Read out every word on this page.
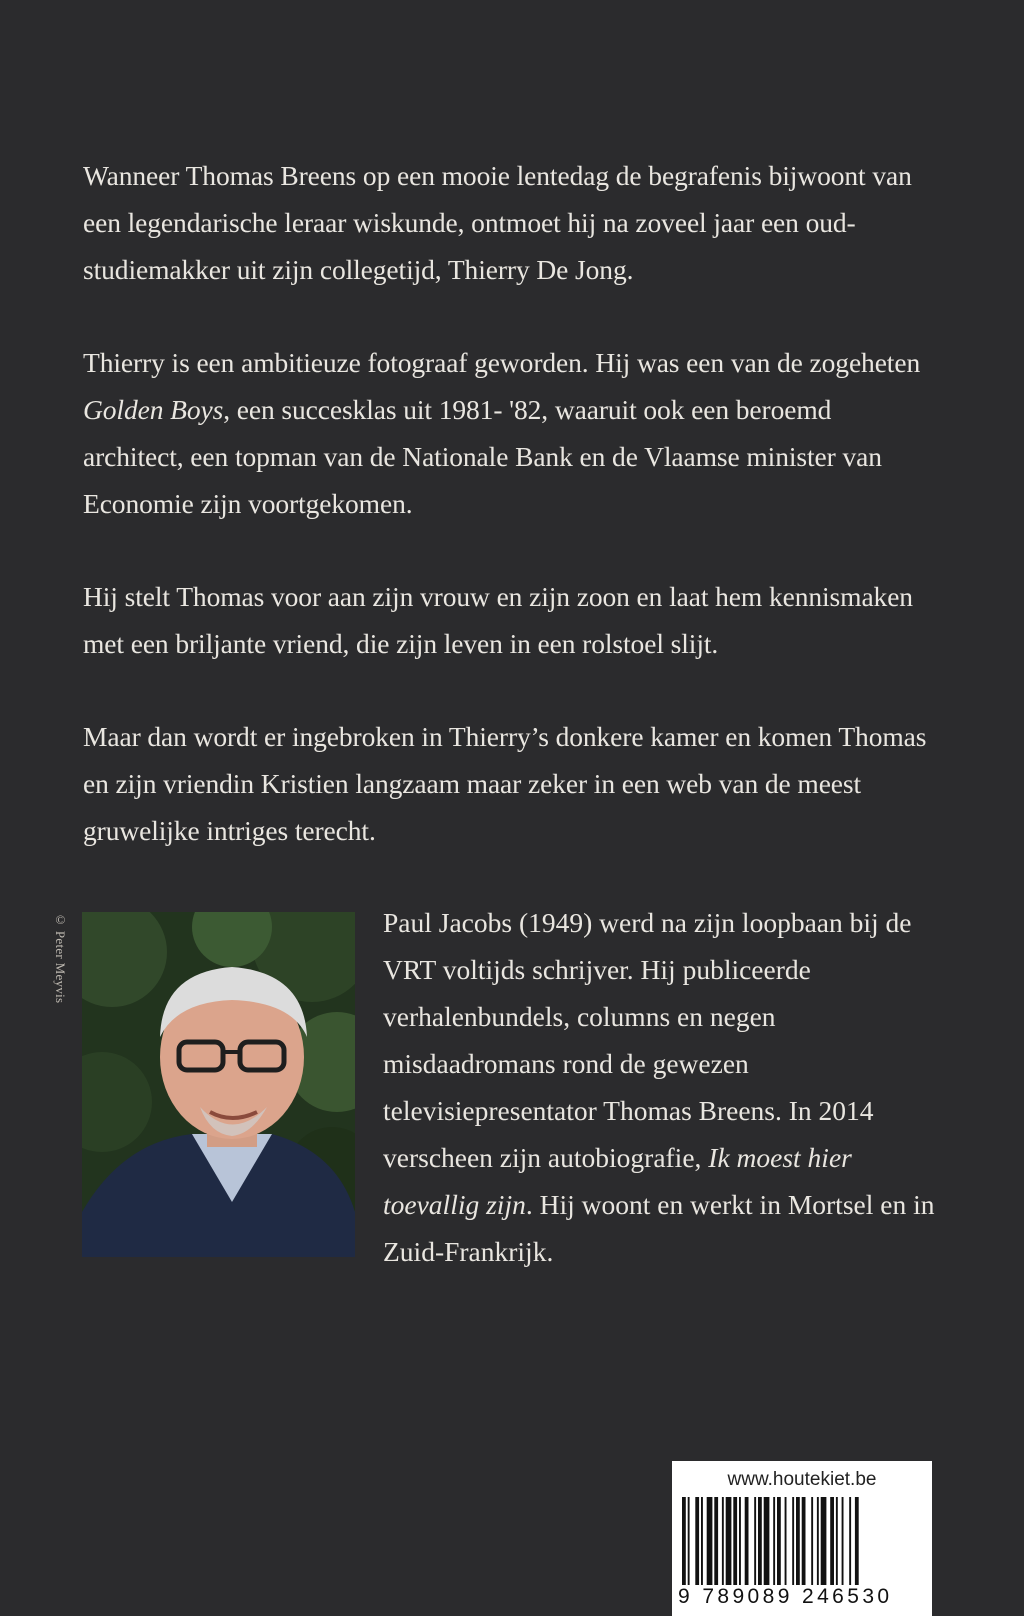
Wanneer Thomas Breens op een mooie lentedag de begrafenis bijwoont van een legendarische leraar wiskunde, ontmoet hij na zoveel jaar een oud-studiemakker uit zijn collegetijd, Thierry De Jong.

Thierry is een ambitieuze fotograaf geworden. Hij was een van de zogeheten Golden Boys, een succesklas uit 1981- '82, waaruit ook een beroemd architect, een topman van de Nationale Bank en de Vlaamse minister van Economie zijn voortgekomen.

Hij stelt Thomas voor aan zijn vrouw en zijn zoon en laat hem kennismaken met een briljante vriend, die zijn leven in een rolstoel slijt.

Maar dan wordt er ingebroken in Thierry’s donkere kamer en komen Thomas en zijn vriendin Kristien langzaam maar zeker in een web van de meest gruwelijke intriges terecht.

© Peter Meyvis	Paul Jacobs (1949) werd na zijn loopbaan bij de VRT voltijds schrijver. Hij publiceerde verhalenbundels, columns en negen misdaadromans rond de gewezen televisiepresentator Thomas Breens. In 2014 verscheen zijn autobiografie, Ik moest hier toevallig zijn. Hij woont en werkt in Mortsel en in Zuid-Frankrijk.
www.houtekiet.be
9 789089 246530
